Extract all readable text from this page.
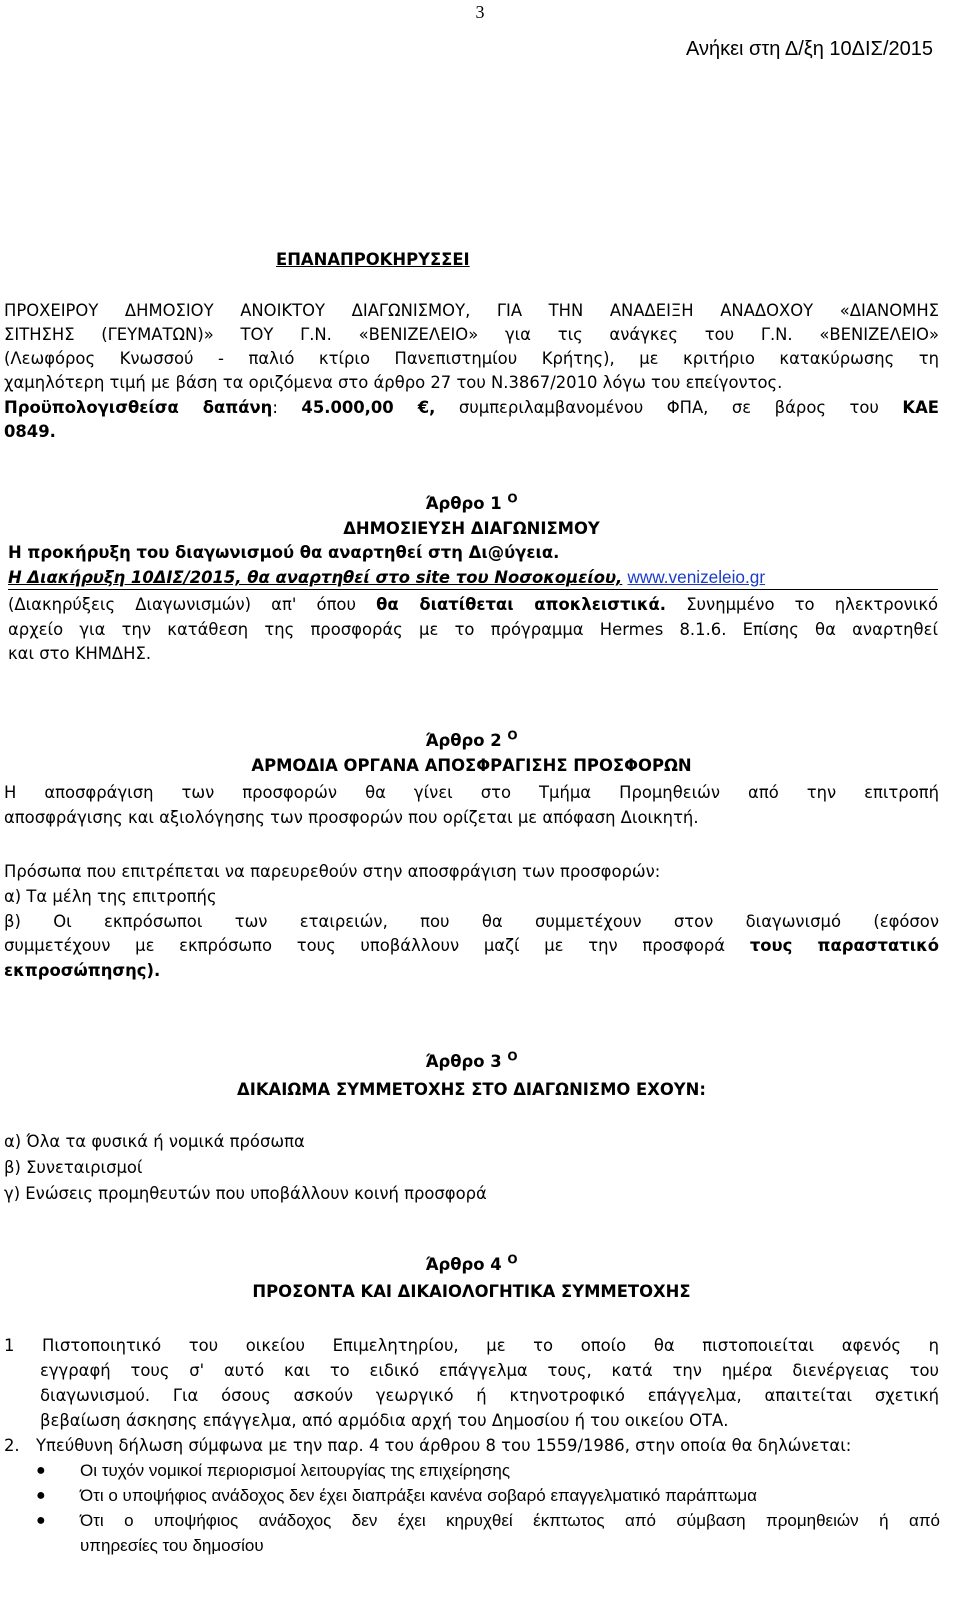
3
Ανήκει στη Δ/ξη 10ΔΙΣ/2015
ΕΠΑΝΑΠΡΟΚΗΡΥΣΣΕΙ
ΠΡΟΧΕΙΡΟΥ ΔΗΜΟΣΙΟΥ ΑΝΟΙΚΤΟΥ ΔΙΑΓΩΝΙΣΜΟΥ, ΓΙΑ ΤΗΝ ΑΝΑΔΕΙΞΗ ΑΝΑΔΟΧΟΥ «ΔΙΑΝΟΜΗΣ
ΣΙΤΗΣΗΣ (ΓΕΥΜΑΤΩΝ)» ΤΟΥ Γ.Ν. «ΒΕΝΙΖΕΛΕΙΟ» για τις ανάγκες του Γ.Ν. «ΒΕΝΙΖΕΛΕΙΟ»
(Λεωφόρος Κνωσσού - παλιό κτίριο Πανεπιστημίου Κρήτης), με κριτήριο κατακύρωσης τη
χαμηλότερη τιμή με βάση τα οριζόμενα στο άρθρο 27 του Ν.3867/2010 λόγω του επείγοντος.
Προϋπολογισθείσα δαπάνη: 45.000,00 €, συμπεριλαμβανομένου ΦΠΑ, σε βάρος του ΚΑΕ
0849.
Άρθρο 1 $^O$
ΔΗΜΟΣΙΕΥΣΗ ΔΙΑΓΩΝΙΣΜΟΥ
Η προκήρυξη του διαγωνισμού θα αναρτηθεί στη Δι@ύγεια.
Η Διακήρυξη 10ΔΙΣ/2015, θα αναρτηθεί στο site του Νοσοκομείου, www.venizeleio.gr
(Διακηρύξεις Διαγωνισμών) απ' όπου θα διατίθεται αποκλειστικά. Συνημμένο το ηλεκτρονικό
αρχείο για την κατάθεση της προσφοράς με το πρόγραμμα Hermes 8.1.6. Επίσης θα αναρτηθεί
και στο ΚΗΜΔΗΣ.
Άρθρο 2 $^O$
ΑΡΜΟΔΙΑ ΟΡΓΑΝΑ ΑΠΟΣΦΡΑΓΙΣΗΣ ΠΡΟΣΦΟΡΩΝ
Η αποσφράγιση των προσφορών θα γίνει στο Τμήμα Προμηθειών από την επιτροπή
αποσφράγισης και αξιολόγησης των προσφορών που ορίζεται με απόφαση Διοικητή.
Πρόσωπα που επιτρέπεται να παρευρεθούν στην αποσφράγιση των προσφορών:
α) Τα μέλη της επιτροπής
β) Οι εκπρόσωποι των εταιρειών, που θα συμμετέχουν στον διαγωνισμό (εφόσον
συμμετέχουν με εκπρόσωπο τους υποβάλλουν μαζί με την προσφορά τους παραστατικό
εκπροσώπησης).
Άρθρο 3 $^O$
ΔΙΚΑΙΩΜΑ ΣΥΜΜΕΤΟΧΗΣ ΣΤΟ ΔΙΑΓΩΝΙΣΜΟ ΕΧΟΥΝ:
α) Όλα τα φυσικά ή νομικά πρόσωπα
β) Συνεταιρισμοί
γ) Ενώσεις προμηθευτών που υποβάλλουν κοινή προσφορά
Άρθρο 4 $^O$
ΠΡΟΣΟΝΤΑ ΚΑΙ ΔΙΚΑΙΟΛΟΓΗΤΙΚΑ ΣΥΜΜΕΤΟΧΗΣ
1 Πιστοποιητικό του οικείου Επιμελητηρίου, με το οποίο θα πιστοποιείται αφενός η
εγγραφή τους σ' αυτό και το ειδικό επάγγελμα τους, κατά την ημέρα διενέργειας του
διαγωνισμού. Για όσους ασκούν γεωργικό ή κτηνοτροφικό επάγγελμα, απαιτείται σχετική
βεβαίωση άσκησης επάγγελμα, από αρμόδια αρχή του Δημοσίου ή του οικείου ΟΤΑ.
2. Υπεύθυνη δήλωση σύμφωνα με την παρ. 4 του άρθρου 8 του 1559/1986, στην οποία θα δηλώνεται:
● Οι τυχόν νομικοί περιορισμοί λειτουργίας της επιχείρησης
● Ότι ο υποψήφιος ανάδοχος δεν έχει διαπράξει κανένα σοβαρό επαγγελματικό παράπτωμα
● Ότι ο υποψήφιος ανάδοχος δεν έχει κηρυχθεί έκπτωτος από σύμβαση προμηθειών ή από
υπηρεσίες του δημοσίου
